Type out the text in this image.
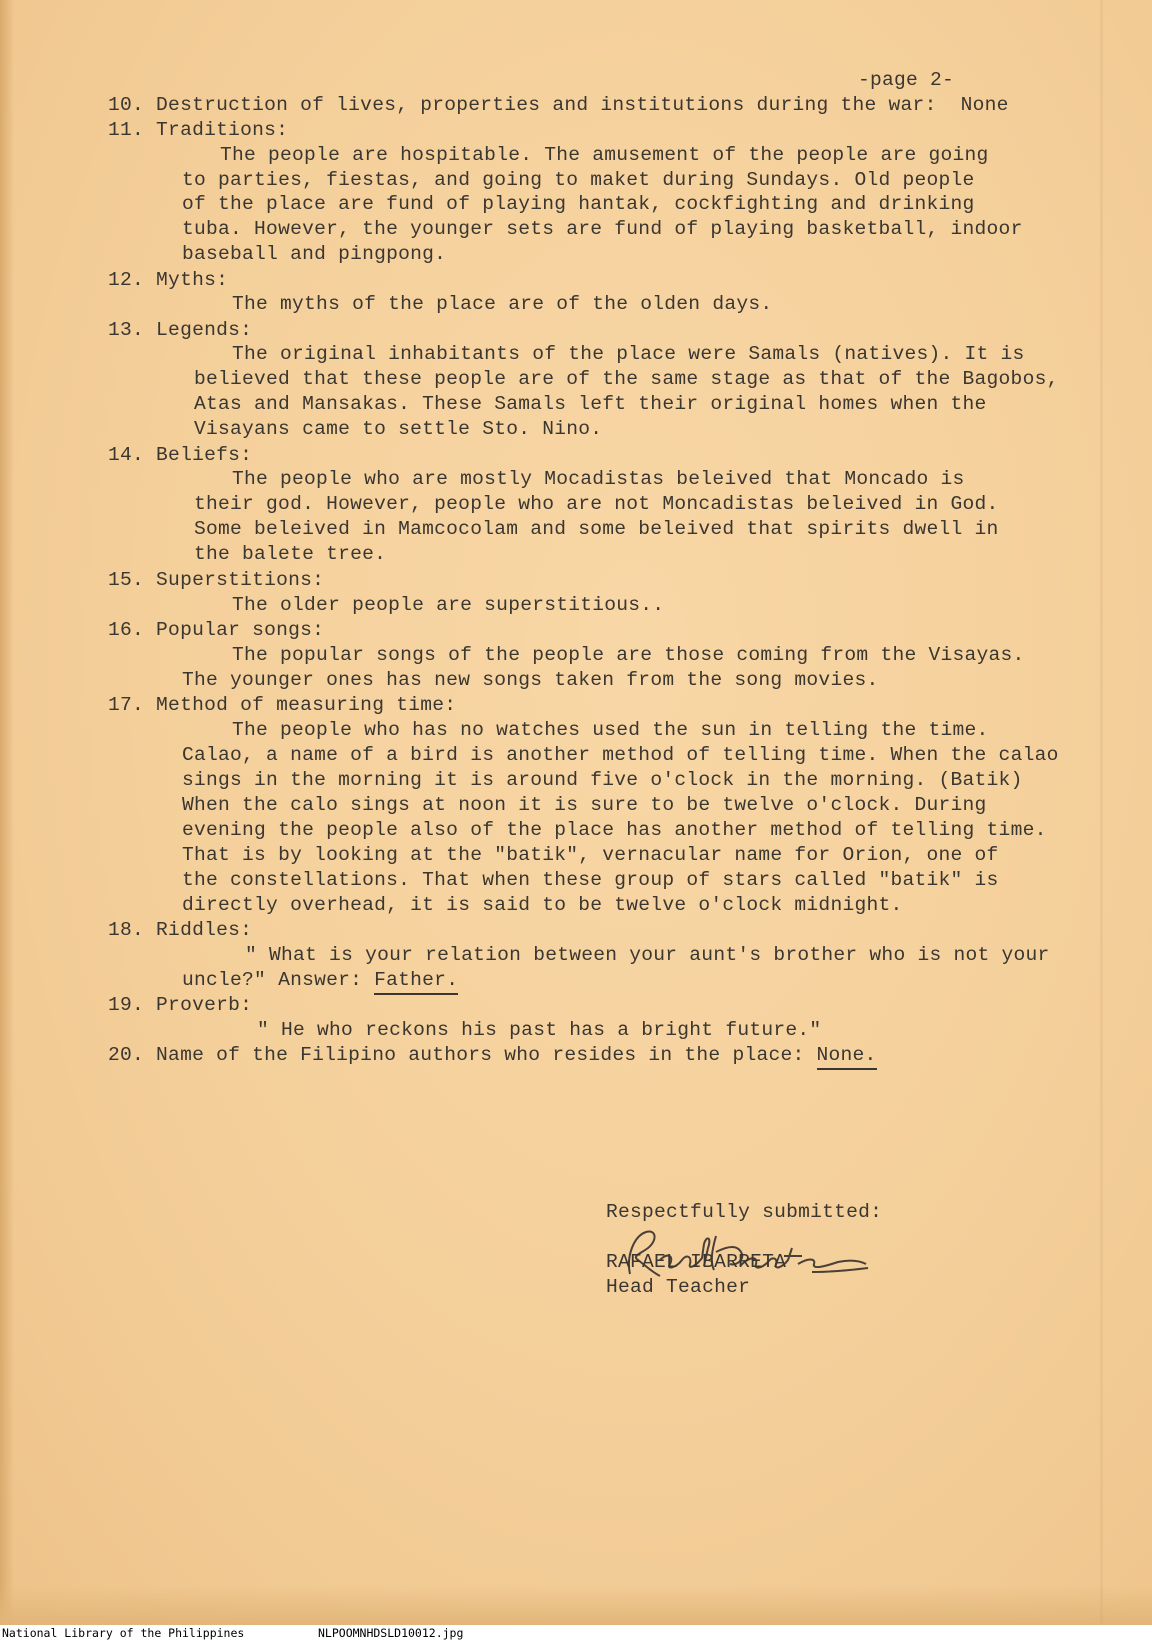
-page 2-
10. Destruction of lives, properties and institutions during the war: None
11. Traditions:
The people are hospitable. The amusement of the people are going
to parties, fiestas, and going to maket during Sundays. Old people
of the place are fund of playing hantak, cockfighting and drinking
tuba. However, the younger sets are fund of playing basketball, indoor
baseball and pingpong.
12. Myths:
The myths of the place are of the olden days.
13. Legends:
The original inhabitants of the place were Samals (natives). It is
believed that these people are of the same stage as that of the Bagobos,
Atas and Mansakas. These Samals left their original homes when the
Visayans came to settle Sto. Nino.
14. Beliefs:
The people who are mostly Mocadistas beleived that Moncado is
their god. However, people who are not Moncadistas beleived in God.
Some beleived in Mamcocolam and some beleived that spirits dwell in
the balete tree.
15. Superstitions:
The older people are superstitious..
16. Popular songs:
The popular songs of the people are those coming from the Visayas.
The younger ones has new songs taken from the song movies.
17. Method of measuring time:
The people who has no watches used the sun in telling the time.
Calao, a name of a bird is another method of telling time. When the calao
sings in the morning it is around five o'clock in the morning. (Batik)
When the calo sings at noon it is sure to be twelve o'clock. During
evening the people also of the place has another method of telling time.
That is by looking at the "batik", vernacular name for Orion, one of
the constellations. That when these group of stars called "batik" is
directly overhead, it is said to be twelve o'clock midnight.
18. Riddles:
" What is your relation between your aunt's brother who is not your
uncle?" Answer: Father.
19. Proverb:
" He who reckons his past has a bright future."
20. Name of the Filipino authors who resides in the place: None.
Respectfully submitted:
RAFAEL IBARRETA
Head Teacher
National Library of the Philippines	NLPOOMNHDSLD10012.jpg
